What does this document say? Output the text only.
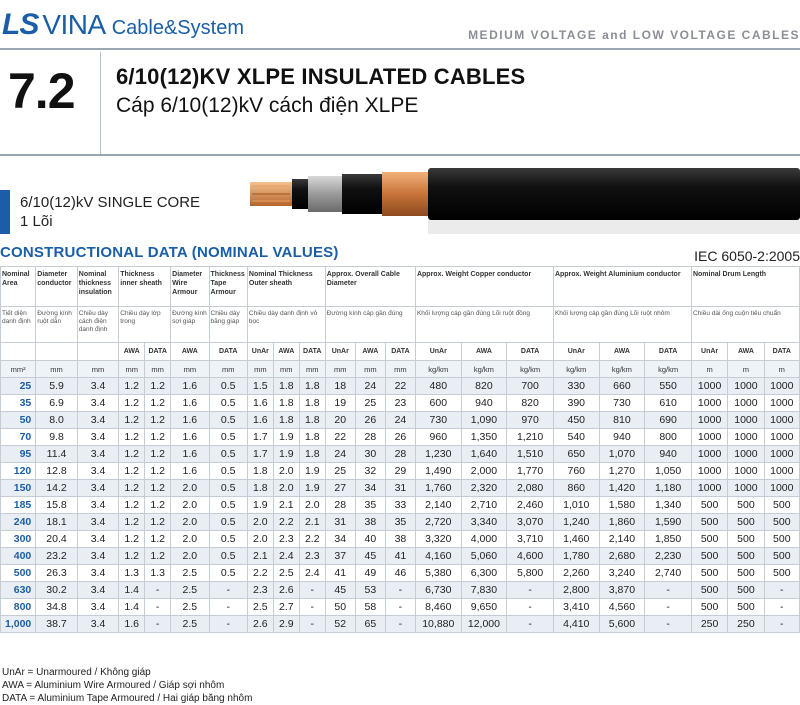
LS VINA Cable&System	MEDIUM VOLTAGE and LOW VOLTAGE CABLES
7.2 6/10(12)KV XLPE INSULATED CABLES
Cáp 6/10(12)kV cách điện XLPE
6/10(12)kV SINGLE CORE
1 Lõi
CONSTRUCTIONAL DATA (NOMINAL VALUES)	IEC 6050-2:2005
Nominal Area	Diameter conductor	Nominal thickness insulation	Thickness inner sheath		Diameter Wire Armour	Thickness Tape Armour	Nominal Thickness Outer sheath			Approx. Overall Cable Diameter			Approx. Weight Copper conductor			Approx. Weight Aluminium conductor			Nominal Drum Length		
Tiết diện danh định	Đường kính ruột dẫn	Chiều dày cách điện danh định	Chiều dày lớp trong		Đường kính sợi giáp	Chiều dày băng giáp	Chiều dày danh định vỏ bọc			Đường kính cáp gần đúng			Khối lượng cáp gần đúng Lõi ruột đồng			Khối lượng cáp gần đúng Lõi ruột nhôm			Chiều dài ống cuộn tiêu chuẩn		
			AWA	DATA	AWA	DATA	UnAr	AWA	DATA	UnAr	AWA	DATA	UnAr	AWA	DATA	UnAr	AWA	DATA	UnAr	AWA	DATA
mm²	mm	mm	mm	mm	mm	mm	mm	mm	mm	mm	mm	mm	kg/km	kg/km	kg/km	kg/km	kg/km	kg/km	m	m	m
25	5.9	3.4	1.2	1.2	1.6	0.5	1.5	1.8	1.8	18	24	22	480	820	700	330	660	550	1000	1000	1000
35	6.9	3.4	1.2	1.2	1.6	0.5	1.6	1.8	1.8	19	25	23	600	940	820	390	730	610	1000	1000	1000
50	8.0	3.4	1.2	1.2	1.6	0.5	1.6	1.8	1.8	20	26	24	730	1,090	970	450	810	690	1000	1000	1000
70	9.8	3.4	1.2	1.2	1.6	0.5	1.7	1.9	1.8	22	28	26	960	1,350	1,210	540	940	800	1000	1000	1000
95	11.4	3.4	1.2	1.2	1.6	0.5	1.7	1.9	1.8	24	30	28	1,230	1,640	1,510	650	1,070	940	1000	1000	1000
120	12.8	3.4	1.2	1.2	1.6	0.5	1.8	2.0	1.9	25	32	29	1,490	2,000	1,770	760	1,270	1,050	1000	1000	1000
150	14.2	3.4	1.2	1.2	2.0	0.5	1.8	2.0	1.9	27	34	31	1,760	2,320	2,080	860	1,420	1,180	1000	1000	1000
185	15.8	3.4	1.2	1.2	2.0	0.5	1.9	2.1	2.0	28	35	33	2,140	2,710	2,460	1,010	1,580	1,340	500	500	500
240	18.1	3.4	1.2	1.2	2.0	0.5	2.0	2.2	2.1	31	38	35	2,720	3,340	3,070	1,240	1,860	1,590	500	500	500
300	20.4	3.4	1.2	1.2	2.0	0.5	2.0	2.3	2.2	34	40	38	3,320	4,000	3,710	1,460	2,140	1,850	500	500	500
400	23.2	3.4	1.2	1.2	2.0	0.5	2.1	2.4	2.3	37	45	41	4,160	5,060	4,600	1,780	2,680	2,230	500	500	500
500	26.3	3.4	1.3	1.3	2.5	0.5	2.2	2.5	2.4	41	49	46	5,380	6,300	5,800	2,260	3,240	2,740	500	500	500
630	30.2	3.4	1.4	-	2.5	-	2.3	2.6	-	45	53	-	6,730	7,830	-	2,800	3,870	-	500	500	-
800	34.8	3.4	1.4	-	2.5	-	2.5	2.7	-	50	58	-	8,460	9,650	-	3,410	4,560	-	500	500	-
1,000	38.7	3.4	1.6	-	2.5	-	2.6	2.9	-	52	65	-	10,880	12,000	-	4,410	5,600	-	250	250	-
UnAr = Unarmoured / Không giáp
AWA = Aluminium Wire Armoured / Giáp sợi nhôm
DATA = Aluminium Tape Armoured / Hai giáp băng nhôm
